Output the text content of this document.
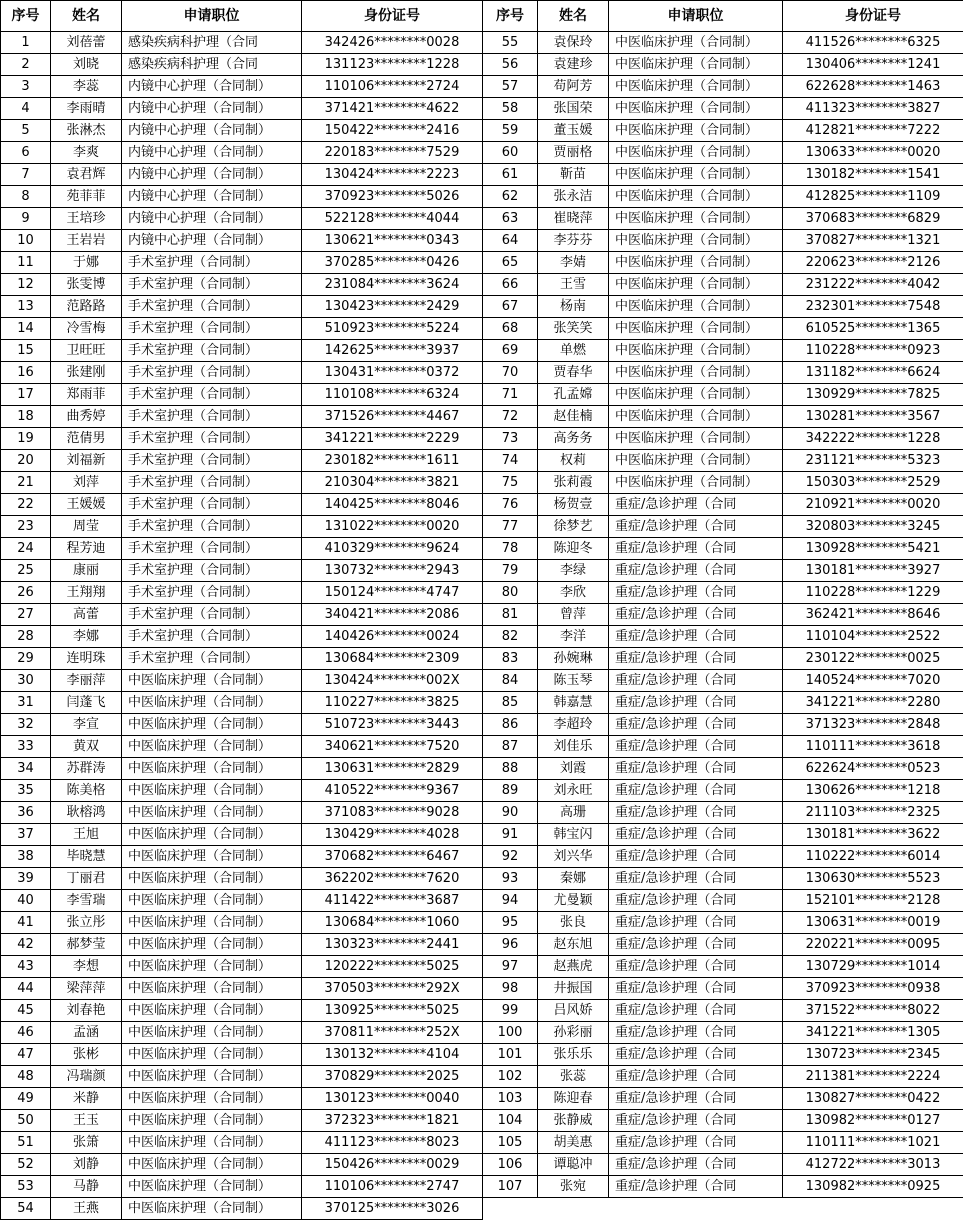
序号	姓名	申请职位	身份证号
1	刘蓓蕾	感染疾病科护理（合同	342426********0028
2	刘晓	感染疾病科护理（合同	131123********1228
3	李蕊	内镜中心护理（合同制）	110106********2724
4	李雨晴	内镜中心护理（合同制）	371421********4622
5	张淋杰	内镜中心护理（合同制）	150422********2416
6	李爽	内镜中心护理（合同制）	220183********7529
7	袁君辉	内镜中心护理（合同制）	130424********2223
8	苑菲菲	内镜中心护理（合同制）	370923********5026
9	王培珍	内镜中心护理（合同制）	522128********4044
10	王岩岩	内镜中心护理（合同制）	130621********0343
11	于娜	手术室护理（合同制）	370285********0426
12	张雯博	手术室护理（合同制）	231084********3624
13	范路路	手术室护理（合同制）	130423********2429
14	冷雪梅	手术室护理（合同制）	510923********5224
15	卫旺旺	手术室护理（合同制）	142625********3937
16	张建刚	手术室护理（合同制）	130431********0372
17	郑雨菲	手术室护理（合同制）	110108********6324
18	曲秀婷	手术室护理（合同制）	371526********4467
19	范倩男	手术室护理（合同制）	341221********2229
20	刘福新	手术室护理（合同制）	230182********1611
21	刘萍	手术室护理（合同制）	210304********3821
22	王媛媛	手术室护理（合同制）	140425********8046
23	周莹	手术室护理（合同制）	131022********0020
24	程芳迪	手术室护理（合同制）	410329********9624
25	康丽	手术室护理（合同制）	130732********2943
26	王翔翔	手术室护理（合同制）	150124********4747
27	高蕾	手术室护理（合同制）	340421********2086
28	李娜	手术室护理（合同制）	140426********0024
29	连明珠	手术室护理（合同制）	130684********2309
30	李丽萍	中医临床护理（合同制）	130424********002X
31	闫蓬飞	中医临床护理（合同制）	110227********3825
32	李宣	中医临床护理（合同制）	510723********3443
33	黄双	中医临床护理（合同制）	340621********7520
34	苏群涛	中医临床护理（合同制）	130631********2829
35	陈美格	中医临床护理（合同制）	410522********9367
36	耿榕鸿	中医临床护理（合同制）	371083********9028
37	王旭	中医临床护理（合同制）	130429********4028
38	毕晓慧	中医临床护理（合同制）	370682********6467
39	丁丽君	中医临床护理（合同制）	362202********7620
40	李雪瑞	中医临床护理（合同制）	411422********3687
41	张立彤	中医临床护理（合同制）	130684********1060
42	郝梦莹	中医临床护理（合同制）	130323********2441
43	李想	中医临床护理（合同制）	120222********5025
44	梁萍萍	中医临床护理（合同制）	370503********292X
45	刘春艳	中医临床护理（合同制）	130925********5025
46	孟涵	中医临床护理（合同制）	370811********252X
47	张彬	中医临床护理（合同制）	130132********4104
48	冯瑞颜	中医临床护理（合同制）	370829********2025
49	米静	中医临床护理（合同制）	130123********0040
50	王玉	中医临床护理（合同制）	372323********1821
51	张箫	中医临床护理（合同制）	411123********8023
52	刘静	中医临床护理（合同制）	150426********0029
53	马静	中医临床护理（合同制）	110106********2747
54	王燕	中医临床护理（合同制）	370125********3026
序号	姓名	申请职位	身份证号
55	袁保玲	中医临床护理（合同制）	411526********6325
56	袁建珍	中医临床护理（合同制）	130406********1241
57	苟阿芳	中医临床护理（合同制）	622628********1463
58	张国荣	中医临床护理（合同制）	411323********3827
59	董玉媛	中医临床护理（合同制）	412821********7222
60	贾丽格	中医临床护理（合同制）	130633********0020
61	靳苗	中医临床护理（合同制）	130182********1541
62	张永洁	中医临床护理（合同制）	412825********1109
63	崔晓萍	中医临床护理（合同制）	370683********6829
64	李芬芬	中医临床护理（合同制）	370827********1321
65	李婧	中医临床护理（合同制）	220623********2126
66	王雪	中医临床护理（合同制）	231222********4042
67	杨南	中医临床护理（合同制）	232301********7548
68	张笑笑	中医临床护理（合同制）	610525********1365
69	单燃	中医临床护理（合同制）	110228********0923
70	贾春华	中医临床护理（合同制）	131182********6624
71	孔孟嫦	中医临床护理（合同制）	130929********7825
72	赵佳楠	中医临床护理（合同制）	130281********3567
73	高务务	中医临床护理（合同制）	342222********1228
74	权莉	中医临床护理（合同制）	231121********5323
75	张莉霞	中医临床护理（合同制）	150303********2529
76	杨贺壹	重症/急诊护理（合同	210921********0020
77	徐梦艺	重症/急诊护理（合同	320803********3245
78	陈迎冬	重症/急诊护理（合同	130928********5421
79	李绿	重症/急诊护理（合同	130181********3927
80	李欣	重症/急诊护理（合同	110228********1229
81	曾萍	重症/急诊护理（合同	362421********8646
82	李洋	重症/急诊护理（合同	110104********2522
83	孙婉琳	重症/急诊护理（合同	230122********0025
84	陈玉琴	重症/急诊护理（合同	140524********7020
85	韩嘉慧	重症/急诊护理（合同	341221********2280
86	李超玲	重症/急诊护理（合同	371323********2848
87	刘佳乐	重症/急诊护理（合同	110111********3618
88	刘霞	重症/急诊护理（合同	622624********0523
89	刘永旺	重症/急诊护理（合同	130626********1218
90	高珊	重症/急诊护理（合同	211103********2325
91	韩宝闪	重症/急诊护理（合同	130181********3622
92	刘兴华	重症/急诊护理（合同	110222********6014
93	秦娜	重症/急诊护理（合同	130630********5523
94	尤曼颖	重症/急诊护理（合同	152101********2128
95	张良	重症/急诊护理（合同	130631********0019
96	赵东旭	重症/急诊护理（合同	220221********0095
97	赵燕虎	重症/急诊护理（合同	130729********1014
98	井振国	重症/急诊护理（合同	370923********0938
99	吕风娇	重症/急诊护理（合同	371522********8022
100	孙彩丽	重症/急诊护理（合同	341221********1305
101	张乐乐	重症/急诊护理（合同	130723********2345
102	张蕊	重症/急诊护理（合同	211381********2224
103	陈迎春	重症/急诊护理（合同	130827********0422
104	张静威	重症/急诊护理（合同	130982********0127
105	胡美惠	重症/急诊护理（合同	110111********1021
106	谭聪冲	重症/急诊护理（合同	412722********3013
107	张宛	重症/急诊护理（合同	130982********0925
